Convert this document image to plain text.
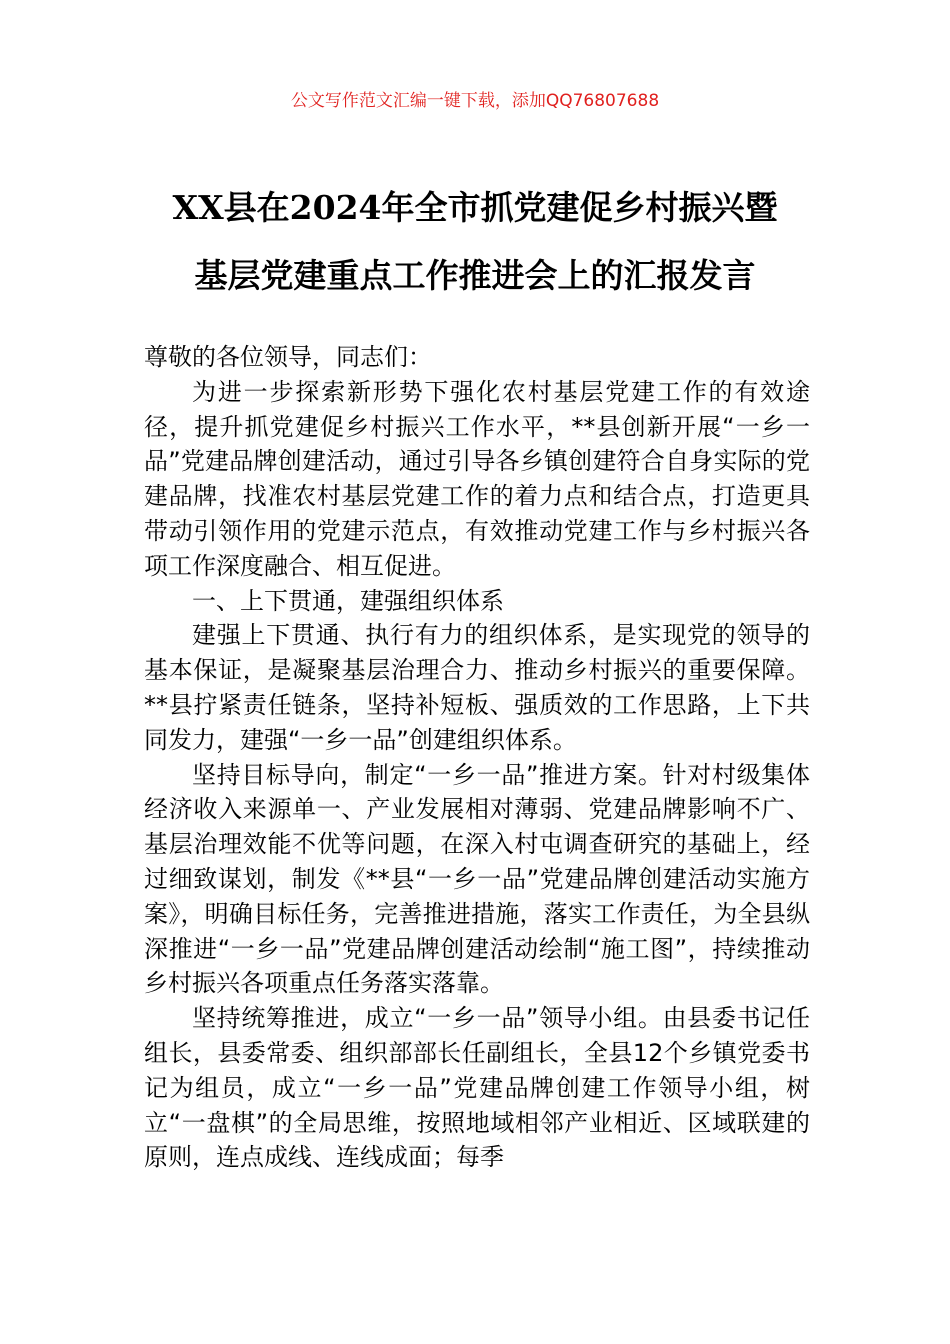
公文写作范文汇编一键下载，添加QQ76807688
XX县在2024年全市抓党建促乡村振兴暨
基层党建重点工作推进会上的汇报发言

尊敬的各位领导，同志们：

为进一步探索新形势下强化农村基层党建工作的有效途径，提升抓党建促乡村振兴工作水平，**县创新开展“一乡一品”党建品牌创建活动，通过引导各乡镇创建符合自身实际的党建品牌，找准农村基层党建工作的着力点和结合点，打造更具带动引领作用的党建示范点，有效推动党建工作与乡村振兴各项工作深度融合、相互促进。

一、上下贯通，建强组织体系

建强上下贯通、执行有力的组织体系，是实现党的领导的基本保证，是凝聚基层治理合力、推动乡村振兴的重要保障。**县拧紧责任链条，坚持补短板、强质效的工作思路，上下共同发力，建强“一乡一品”创建组织体系。

坚持目标导向，制定“一乡一品”推进方案。针对村级集体经济收入来源单一、产业发展相对薄弱、党建品牌影响不广、基层治理效能不优等问题，在深入村屯调查研究的基础上，经过细致谋划，制发《**县“一乡一品”党建品牌创建活动实施方案》，明确目标任务，完善推进措施，落实工作责任，为全县纵深推进“一乡一品”党建品牌创建活动绘制“施工图”，持续推动乡村振兴各项重点任务落实落靠。

坚持统筹推进，成立“一乡一品”领导小组。由县委书记任组长，县委常委、组织部部长任副组长，全县12个乡镇党委书记为组员，成立“一乡一品”党建品牌创建工作领导小组，树立“一盘棋”的全局思维，按照地域相邻产业相近、区域联建的原则，连点成线、连线成面；每季
